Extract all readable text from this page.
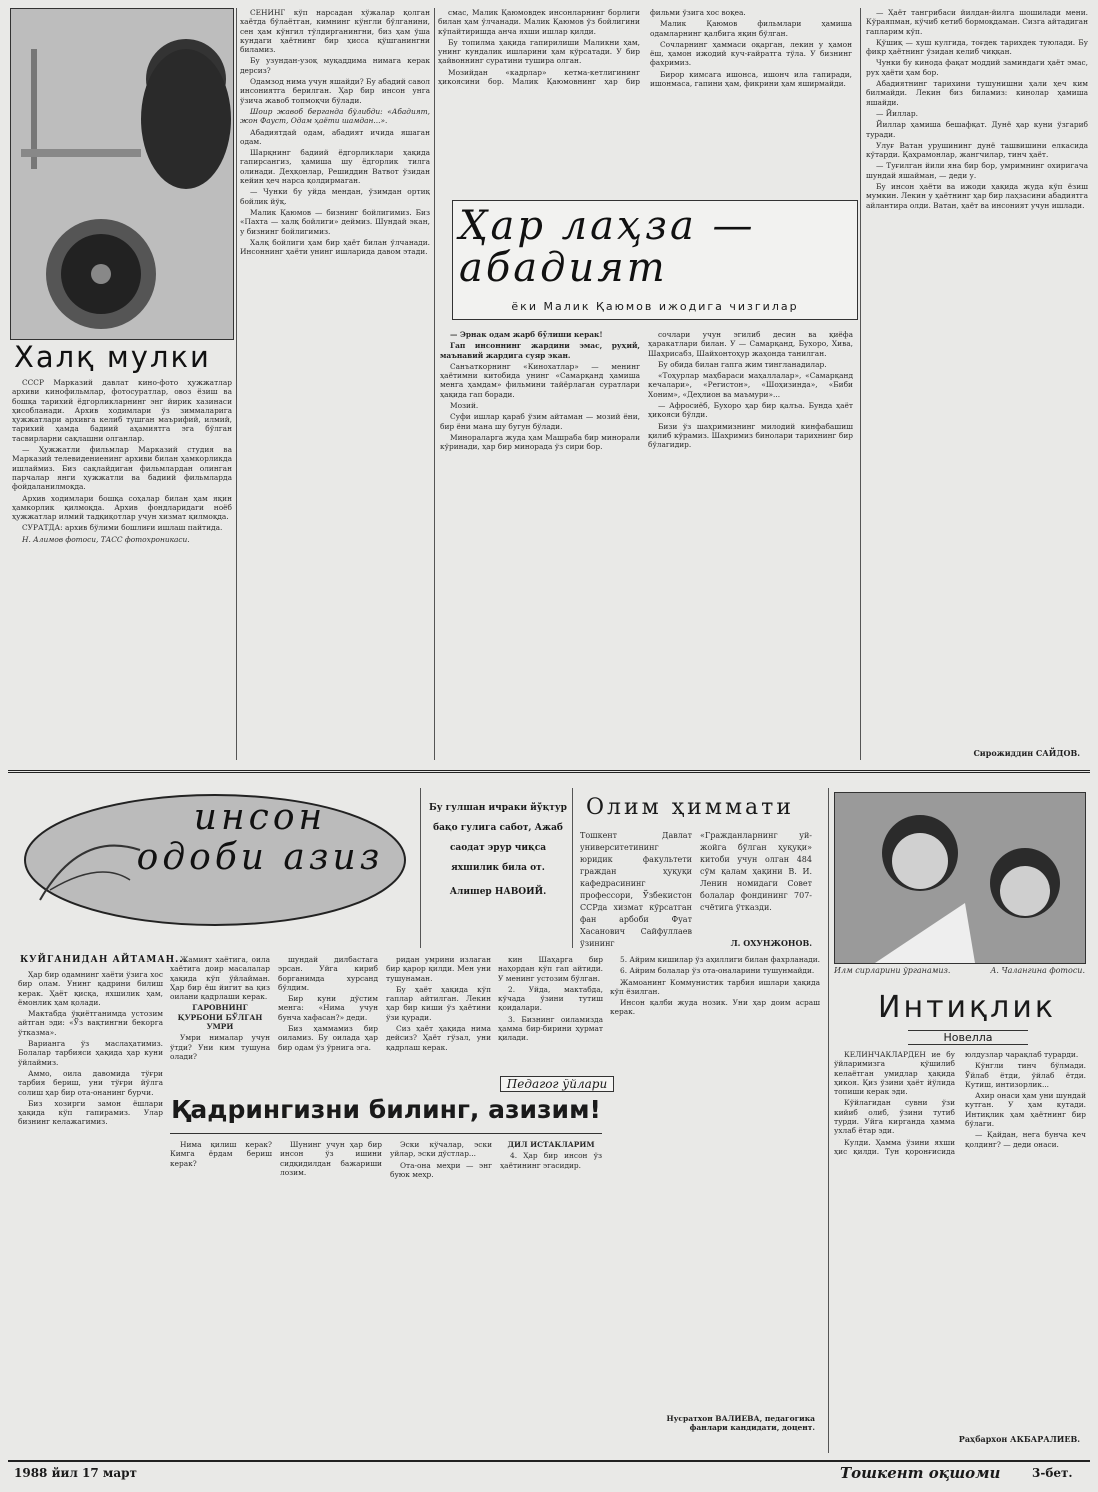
Халқ мулки

СССР Марказий давлат кино-фото ҳужжатлар архиви кинофильмлар, фотосуратлар, овоз ёзиш ва бошқа тарихий ёдгорликларнинг энг йирик хазинаси ҳисобланади. Архив ходимлари ўз зиммаларига ҳужжатлари архивга келиб тушган маърифий, илмий, тарихий ҳамда бадиий аҳамиятга эга бўлган тасвирларни сақлашни олганлар.

— Ҳужжатли фильмлар Марказий студия ва Марказий телевидениенинг архиви билан ҳамкорликда ишлаймиз. Биз сақлайдиган фильмлардан олинган парчалар янги ҳужжатли ва бадиий фильмларда фойдаланилмоқда.

Архив ходимлари бошқа соҳалар билан ҳам яқин ҳамкорлик қилмоқда. Архив фондларидаги ноёб ҳужжатлар илмий тадқиқотлар учун хизмат қилмоқда.

СУРАТДА: архив бўлими бошлиғи ишлаш пайтида.

Н. Алимов фотоси, ТАСС фотохроникаси.

СЕНИНГ кўп нарсадан хўжалар қолган хаётда бўлаётган, кимнинг кўнгли бўлганини, сен ҳам кўнгил тўлдирганингни, биз ҳам ўша кундаги ҳаётнинг бир ҳисса қўшганингни биламиз.

Бу узундан-узоқ муқаддима нимага керак дерсиз?

Одамзод нима учун яшайди? Бу абадий савол инсониятга берилган. Ҳар бир инсон унга ўзича жавоб топмоқчи бўлади.

Шоир жавоб берганда бўлибди: «Абадият, жон Фауст, Одам ҳаёти шамдан...».

Абадиятдай одам, абадият ичида яшаган одам.

Шарқнинг бадиий ёдгорликлари ҳақида гапирсангиз, ҳамиша шу ёдгорлик тилга олинади. Деҳқонлар, Решиддин Ватвот ўзидан кейин ҳеч нарса қолдирмаган.

— Чунки бу уйда мендан, ўзимдан ортиқ бойлик йўқ.

Малик Қаюмов — бизнинг бойлигимиз. Биз «Пахта — халқ бойлиги» деймиз. Шундай экан, у бизнинг бойлигимиз.

Халқ бойлиги ҳам бир ҳаёт билан ўлчанади. Инсоннинг ҳаёти унинг ишларида давом этади.

смас, Малик Қаюмовдек инсонларнинг борлиги билан ҳам ўлчанади. Малик Қаюмов ўз бойлигини кўпайтиришда анча яхши ишлар қилди.

Бу топилма ҳақида гапирилиши Маликни ҳам, унинг кундалик ишларини ҳам кўрсатади. У бир ҳайвоннинг суратини тушира олган.

Мозийдан «кадрлар» кетма-кетлигининг ҳикоясини бор. Малик Қаюмовнинг ҳар бир фильми ўзига хос воқеа.

Малик Қаюмов фильмлари ҳамиша одамларнинг қалбига яқин бўлган.

Сочларнинг ҳаммаси оқарган, лекин у ҳамон ёш, ҳамон ижодий куч-ғайратга тўла. У бизнинг фахримиз.

Бирор кимсага ишонса, ишонч ила гапиради, ишонмаса, гапини ҳам, фикрини ҳам яширмайди.

Ҳар лаҳза — абадият
ёки Малик Қаюмов ижодига чизгилар

— Эрнак одам жарб бўлиши керак!

Гап инсоннинг жардини эмас, руҳий, маънавий жардига суяр экан.

Санъаткорнинг «Кинохатлар» — менинг ҳаётимни китобида унинг «Самарқанд ҳамиша менга ҳамдам» фильмини тайёрлаган суратлари ҳақида гап боради.

Мозий.

Суфи ишлар қараб ўзим айтаман — мозий ёни, бир ёни мана шу бугун бўлади.

Минораларга жуда ҳам Машраба бир минорали кўринади, ҳар бир минорада ўз сири бор.

сочлари учун эгилиб десин ва қиёфа ҳаракатлари билан. У — Самарқанд, Бухоро, Хива, Шаҳрисабз, Шайхонтоҳур жаҳонда танилган.

Бу обида билан гапга жим тингланадилар.

«Тоҳурлар маҳбараси маҳаллалар», «Самарқанд кечалари», «Регистон», «Шоҳизинда», «Биби Хоним», «Деҳлион ва маъмури»...

— Афросиёб, Бухоро ҳар бир қалъа. Бунда ҳаёт ҳикояси бўлди.

Бизи ўз шаҳримизнинг милодий кинфабашиш қилиб кўрамиз. Шаҳримиз бинолари тарихнинг бир бўлагидир.

— Ҳаёт тангрибаси йилдан-йилга шошилади мени. Кўраяпман, кўчиб кетиб бормоқдаман. Сизга айтадиган гапларим кўп.

Қўшиқ — хуш кулгида, тоғдек тарихдек туюлади. Бу фикр ҳаётнинг ўзидан келиб чиққан.

Чунки бу кинода фақат моддий заминдаги ҳаёт эмас, рух ҳаёти ҳам бор.

Абадиятнинг тарихини тушунишни ҳали ҳеч ким билмайди. Лекин биз биламиз: кинолар ҳамиша яшайди.

— Йиллар.

Йиллар ҳамиша бешафқат. Дунё ҳар куни ўзгариб туради.

Улуғ Ватан урушининг дунё ташвишини елкасида кўтарди. Қаҳрамонлар, жангчилар, тинч ҳаёт.

— Туғилган йили яна бир бор, умримнинг охиригача шундай яшайман, — деди у.

Бу инсон ҳаёти ва ижоди ҳақида жуда кўп ёзиш мумкин. Лекин у ҳаётнинг ҳар бир лаҳзасини абадиятга айлантира олди. Ватан, ҳаёт ва инсоният учун ишлади.

Сирожиддин САЙДОВ.
инсон одоби азиз
Бу гулшан ичраки йўқтур бақо гулига сабот, Ажаб саодат эрур чиқса яхшилик била от.
Алишер НАВОИЙ.
Олим ҳиммати
Тошкент Давлат университетининг юридик факультети граждан ҳуқуқи кафедрасининг профессори, Ўзбекистон ССРда хизмат кўрсатган фан арбоби Фуат Хасанович Сайфуллаев ўзининг
«Гражданларнинг уй-жойга бўлган ҳуқуқи» китоби учун олган 484 сўм қалам ҳақини В. И. Ленин номидаги Совет болалар фондининг 707-счётига ўтказди.
Л. ОХУНЖОНОВ.
Илм сирларини ўрганамиз.	А. Чалангина фотоси.
Интиқлик
Новелла

КЕЛИНЧАКЛАРДЕН ие бу ўйларимизга қўшилиб келаётган умидлар ҳақида ҳикоя. Қиз ўзини ҳаёт йўлида топиши керак эди.

Кўйлагидан сувни ўзи кийиб олиб, ўзини тутиб турди. Уйга кирганда ҳамма ухлаб ётар эди.

Кулди. Ҳамма ўзини яхши ҳис қилди. Тун қоронғисида юлдузлар чарақлаб турарди.

Кўнгли тинч бўлмади. Ўйлаб ётди, ўйлаб ётди. Кутиш, интизорлик...

Ахир онаси ҳам уни шундай кутган. У ҳам кутади. Интиқлик ҳам ҳаётнинг бир бўлаги.

— Қайдан, нега бунча кеч қолдинг? — деди онаси.

Раҳбархон АКБАРАЛИЕВ.
КУЙГАНИДАН АЙТАМАН...

Ҳар бир одамнинг хаёти ўзига хос бир олам. Унинг қадрини билиш керак. Ҳаёт қисқа, яхшилик ҳам, ёмонлик ҳам қолади.

Мактабда ўқиётганимда устозим айтган эди: «Ўз вақтингни бекорга ўтказма».

Варианга ўз маслаҳатимиз. Болалар тарбияси ҳақида ҳар куни ўйлаймиз.

Аммо, оила давомида тўғри тарбия бериш, уни тўғри йўлга солиш ҳар бир ота-онанинг бурчи.

Биз хозирги замон ёшлари ҳақида кўп гапирамиз. Улар бизнинг келажагимиз.

Жамият хаётига, оила хаётига доир масалалар ҳақида кўп ўйлайман. Ҳар бир ёш йигит ва қиз оилани қадрлаши керак.

ГАРОВНИНГ ҚУРБОНИ БЎЛГАН УМРИ

Умри нималар учун ўтди? Уни ким тушуна олади?

шундай дилбастага эрсан. Уйга кириб борганимда хурсанд бўлдим.

Бир куни дўстим менга: «Нима учун бунча хафасан?» деди.

Биз ҳаммамиз бир оиламиз. Бу оилада ҳар бир одам ўз ўрнига эга.

ридан умрини излаган бир қарор қилди. Мен уни тушунаман.

Бу ҳаёт ҳақида кўп гаплар айтилган. Лекин ҳар бир киши ўз ҳаётини ўзи қуради.

Сиз ҳаёт ҳақида нима дейсиз? Ҳаёт гўзал, уни қадрлаш керак.

кин Шаҳарга бир наҳордан кўп гап айтиди. У менинг устозим бўлган.

2. Уйда, мактабда, кўчада ўзини тутиш қоидалари.

3. Бизнинг оиламизда ҳамма бир-бирини ҳурмат қилади.

5. Айрим кишилар ўз аҳиллиги билан фахрланади.

6. Айрим болалар ўз ота-оналарини тушунмайди.

Жамоанинг Коммунистик тарбия ишлари ҳақида кўп ёзилган.

Инсон қалби жуда нозик. Уни ҳар доим асраш керак.

Педагог ўйлари
Қадрингизни билинг, азизим!

Нима қилиш керак? Кимга ёрдам бериш керак?

Шунинг учун ҳар бир инсон ўз ишини сидқидилдан бажариши лозим.

Эски кўчалар, эски уйлар, эски дўстлар...

Ота-она меҳри — энг буюк меҳр.

ДИЛ ИСТАКЛАРИМ

4. Ҳар бир инсон ўз ҳаётининг эгасидир.

Нусратхон ВАЛИЕВА, педагогика фанлари кандидати, доцент.
1988 йил 17 март	Тошкент оқшоми	3-бет.
